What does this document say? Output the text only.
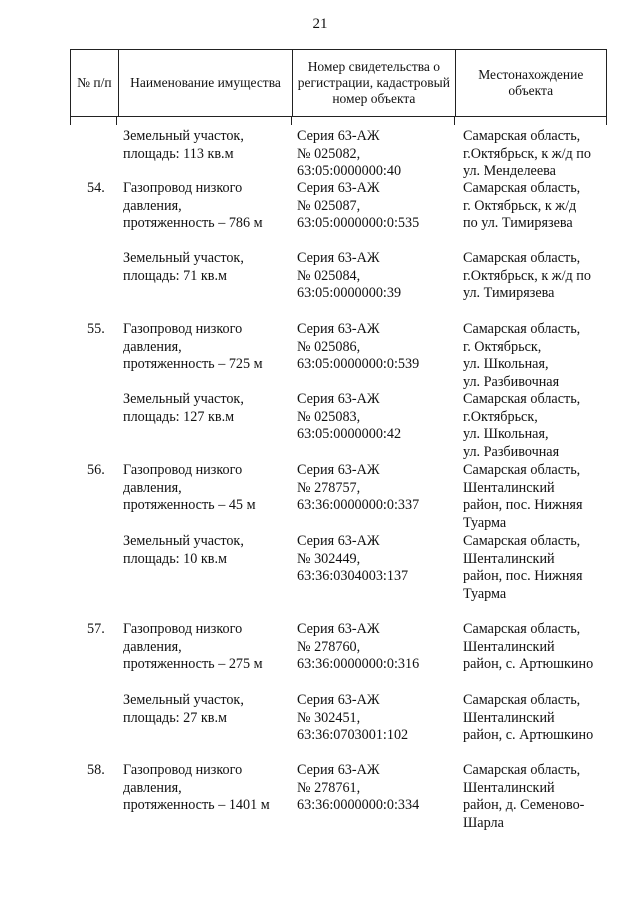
21
№ п/п	Наименование имущества
Номер свидетельства о регистрации, кадастровый номер объекта
Местонахождение объекта
Земельный участок,
площадь: 113 кв.м
Серия 63-АЖ
№ 025082,
63:05:0000000:40
Самарская область,
г.Октябрьск, к ж/д по
ул. Менделеева
54. Газопровод низкого
давления,
протяженность – 786 м
Серия 63-АЖ
№ 025087,
63:05:0000000:0:535
Самарская область,
г. Октябрьск, к ж/д
по ул. Тимирязева
Земельный участок,
площадь: 71 кв.м
Серия 63-АЖ
№ 025084,
63:05:0000000:39
Самарская область,
г.Октябрьск, к ж/д по
ул. Тимирязева
55. Газопровод низкого
давления,
протяженность – 725 м
Серия 63-АЖ
№ 025086,
63:05:0000000:0:539
Самарская область,
г. Октябрьск,
ул. Школьная,
ул. Разбивочная
Земельный участок,
площадь: 127 кв.м
Серия 63-АЖ
№ 025083,
63:05:0000000:42
Самарская область,
г.Октябрьск,
ул. Школьная,
ул. Разбивочная
56. Газопровод низкого
давления,
протяженность – 45 м
Серия 63-АЖ
№ 278757,
63:36:0000000:0:337
Самарская область,
Шенталинский
район, пос. Нижняя
Туарма
Земельный участок,
площадь: 10 кв.м
Серия 63-АЖ
№ 302449,
63:36:0304003:137
Самарская область,
Шенталинский
район, пос. Нижняя
Туарма
57. Газопровод низкого
давления,
протяженность – 275 м
Серия 63-АЖ
№ 278760,
63:36:0000000:0:316
Самарская область,
Шенталинский
район, с. Артюшкино
Земельный участок,
площадь: 27 кв.м
Серия 63-АЖ
№ 302451,
63:36:0703001:102
Самарская область,
Шенталинский
район, с. Артюшкино
58. Газопровод низкого
давления,
протяженность – 1401 м
Серия 63-АЖ
№ 278761,
63:36:0000000:0:334
Самарская область,
Шенталинский
район, д. Семеново-
Шарла
